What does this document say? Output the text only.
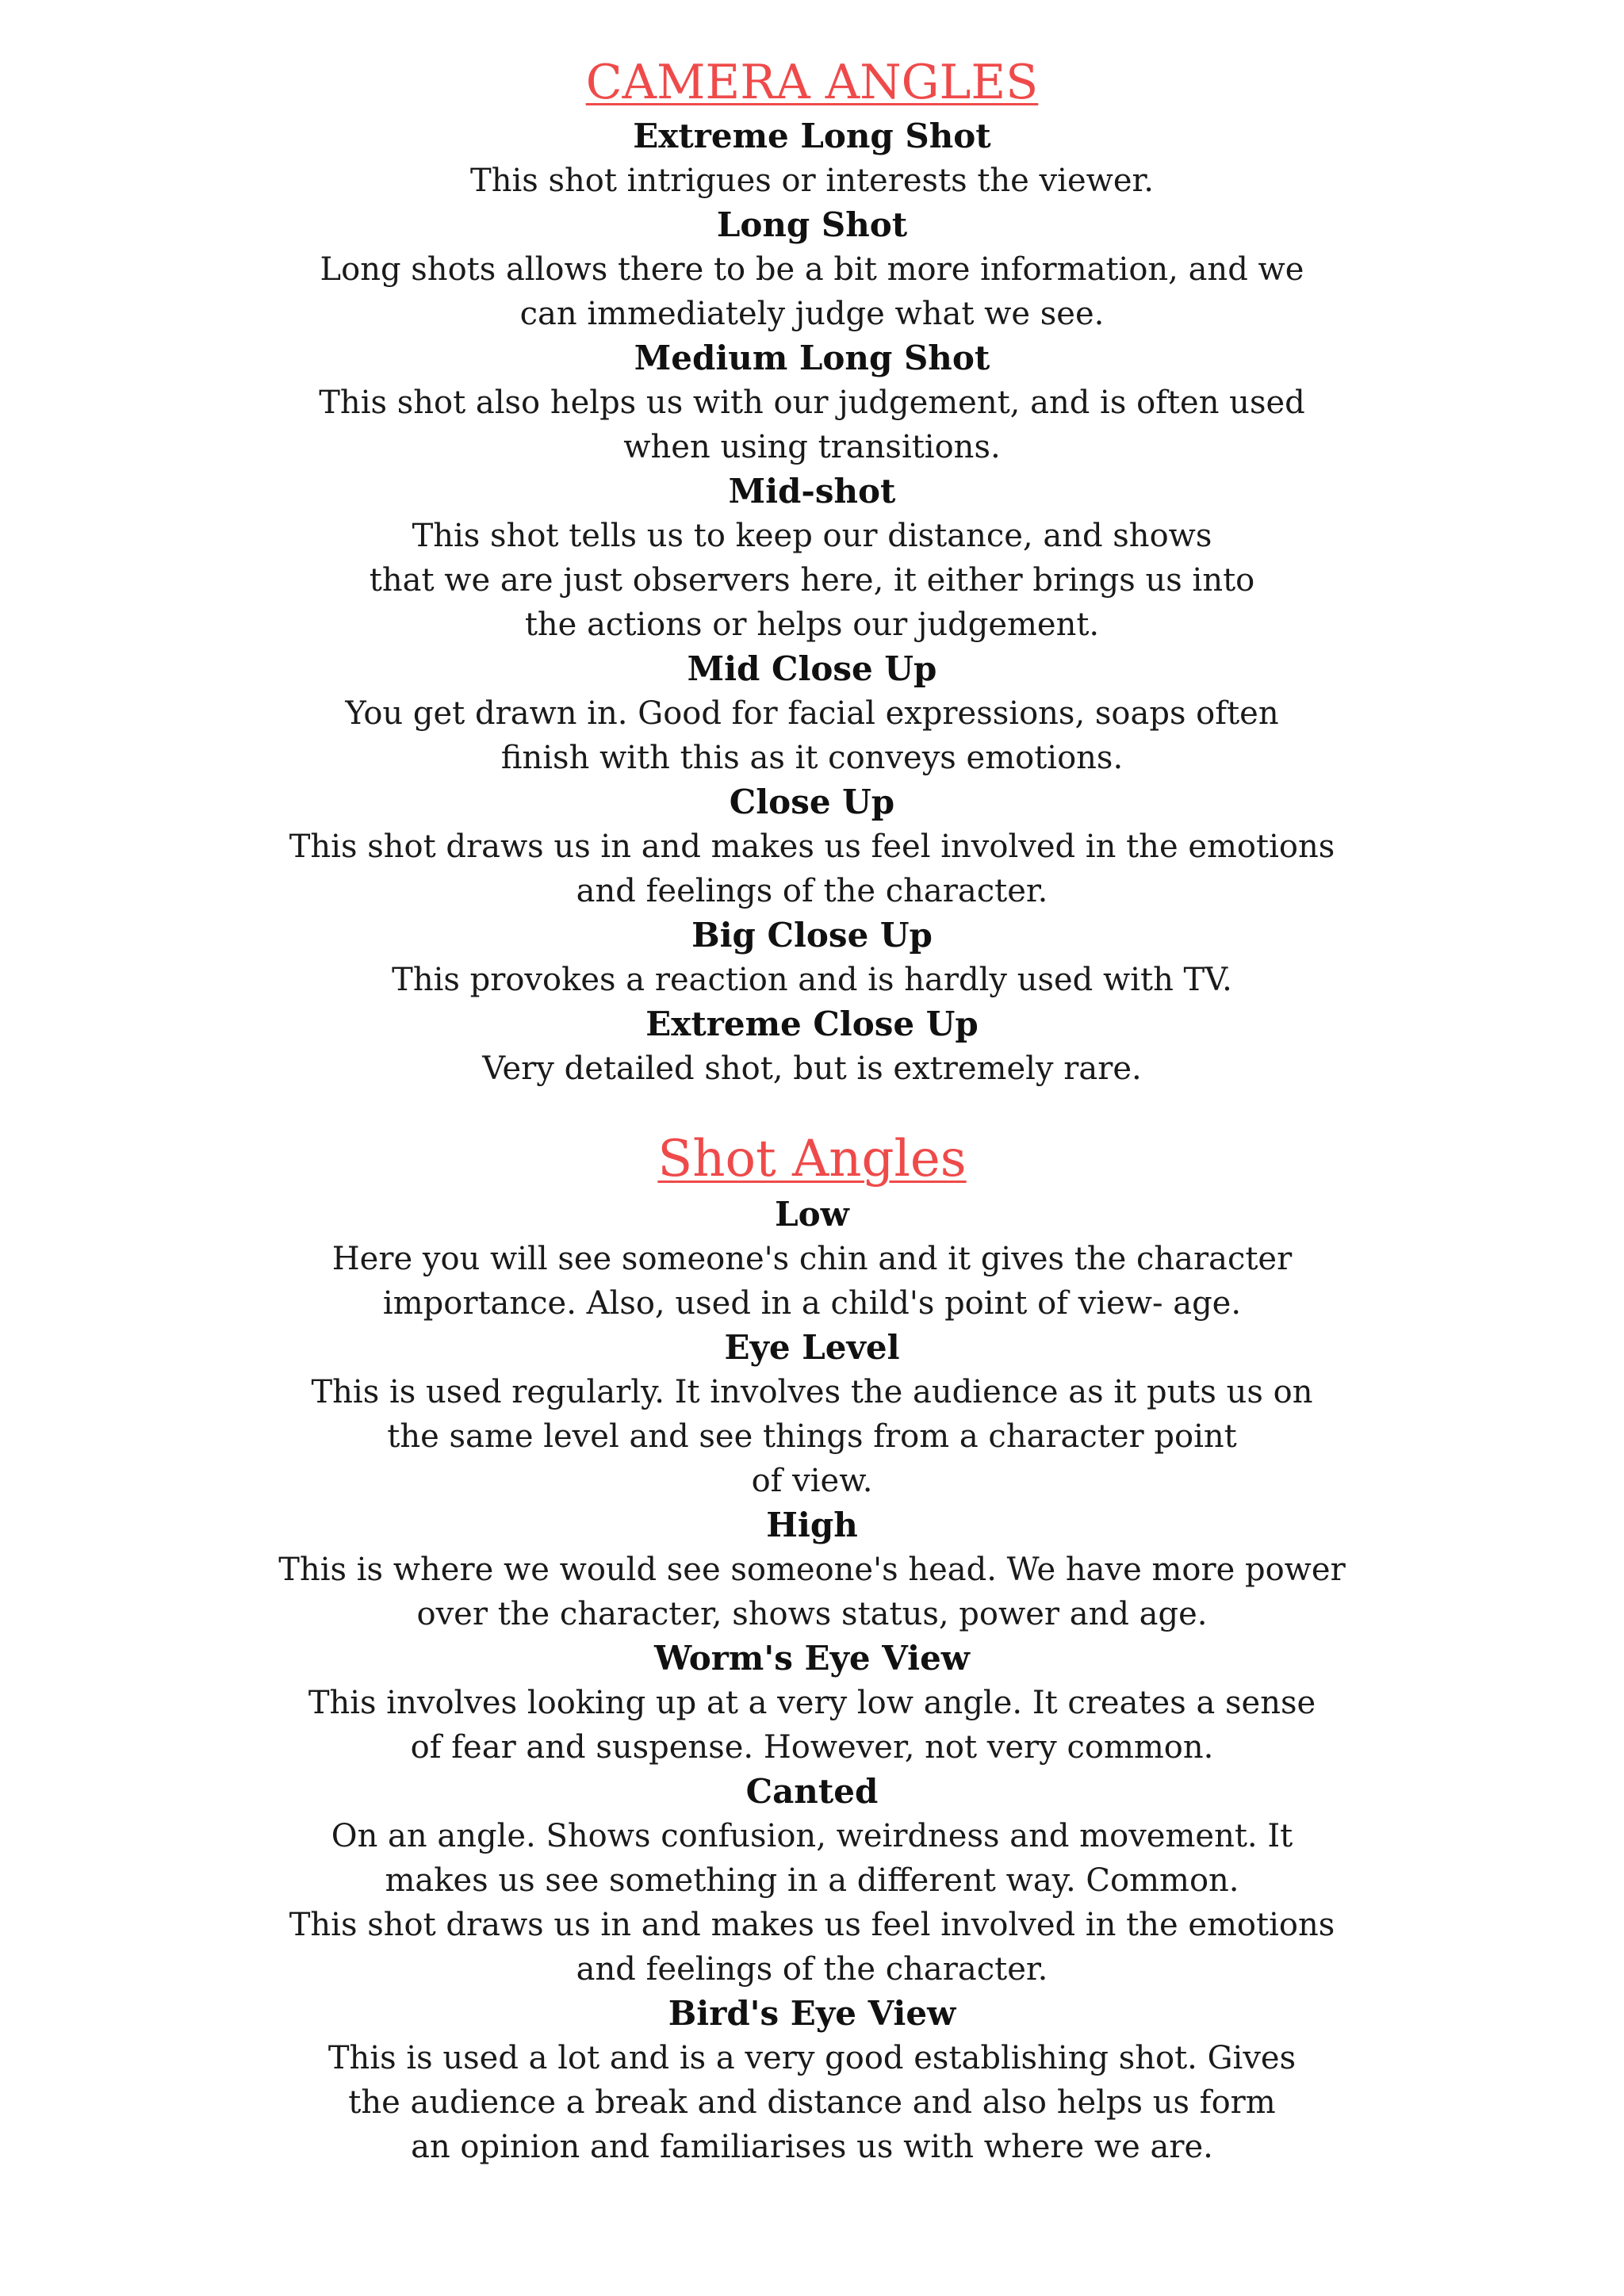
CAMERA ANGLES
Extreme Long Shot
This shot intrigues or interests the viewer.
Long Shot
Long shots allows there to be a bit more information, and we
can immediately judge what we see.
Medium Long Shot
This shot also helps us with our judgement, and is often used
when using transitions.
Mid-shot
This shot tells us to keep our distance, and shows
that we are just observers here, it either brings us into
the actions or helps our judgement.
Mid Close Up
You get drawn in. Good for facial expressions, soaps often
finish with this as it conveys emotions.
Close Up
This shot draws us in and makes us feel involved in the emotions
and feelings of the character.
Big Close Up
This provokes a reaction and is hardly used with TV.
Extreme Close Up
Very detailed shot, but is extremely rare.
Shot Angles
Low
Here you will see someone's chin and it gives the character
importance. Also, used in a child's point of view- age.
Eye Level
This is used regularly. It involves the audience as it puts us on
the same level and see things from a character point
of view.
High
This is where we would see someone's head. We have more power
over the character, shows status, power and age.
Worm's Eye View
This involves looking up at a very low angle. It creates a sense
of fear and suspense. However, not very common.
Canted
On an angle. Shows confusion, weirdness and movement. It
makes us see something in a different way. Common.
This shot draws us in and makes us feel involved in the emotions
and feelings of the character.
Bird's Eye View
This is used a lot and is a very good establishing shot. Gives
the audience a break and distance and also helps us form
an opinion and familiarises us with where we are.
